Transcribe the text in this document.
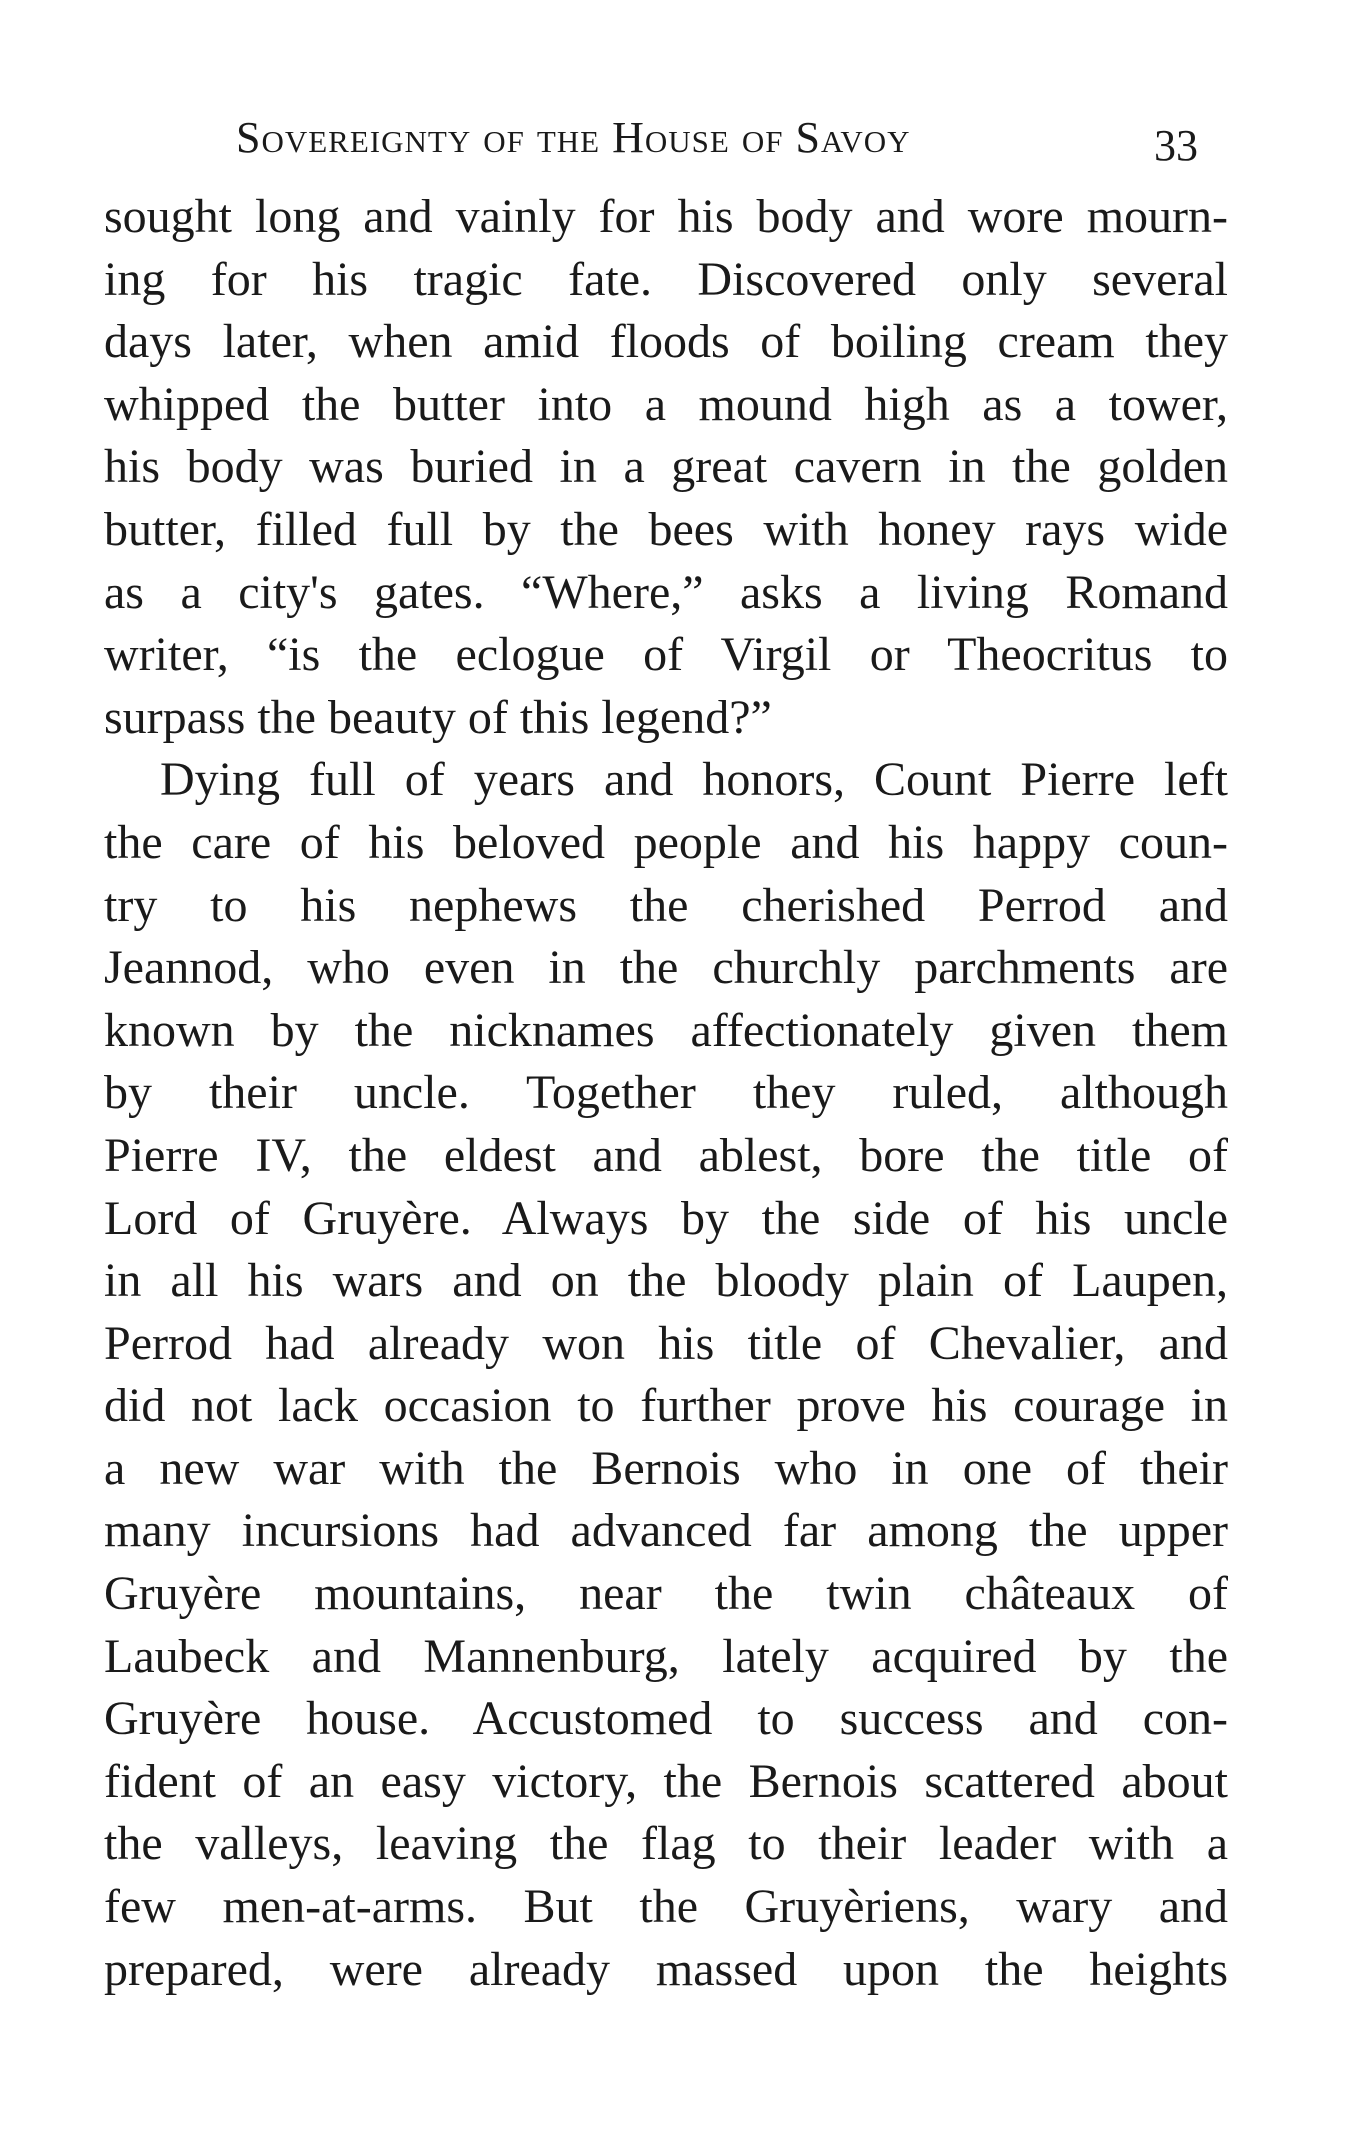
Sovereignty of the House of Savoy	33
sought long and vainly for his body and wore mourn-
ing for his tragic fate. Discovered only several
days later, when amid floods of boiling cream they
whipped the butter into a mound high as a tower,
his body was buried in a great cavern in the golden
butter, filled full by the bees with honey rays wide
as a city's gates. “Where,” asks a living Romand
writer, “is the eclogue of Virgil or Theocritus to
surpass the beauty of this legend?”
Dying full of years and honors, Count Pierre left
the care of his beloved people and his happy coun-
try to his nephews the cherished Perrod and
Jeannod, who even in the churchly parchments are
known by the nicknames affectionately given them
by their uncle. Together they ruled, although
Pierre IV, the eldest and ablest, bore the title of
Lord of Gruyère. Always by the side of his uncle
in all his wars and on the bloody plain of Laupen,
Perrod had already won his title of Chevalier, and
did not lack occasion to further prove his courage in
a new war with the Bernois who in one of their
many incursions had advanced far among the upper
Gruyère mountains, near the twin châteaux of
Laubeck and Mannenburg, lately acquired by the
Gruyère house. Accustomed to success and con-
fident of an easy victory, the Bernois scattered about
the valleys, leaving the flag to their leader with a
few men-at-arms. But the Gruyèriens, wary and
prepared, were already massed upon the heights
